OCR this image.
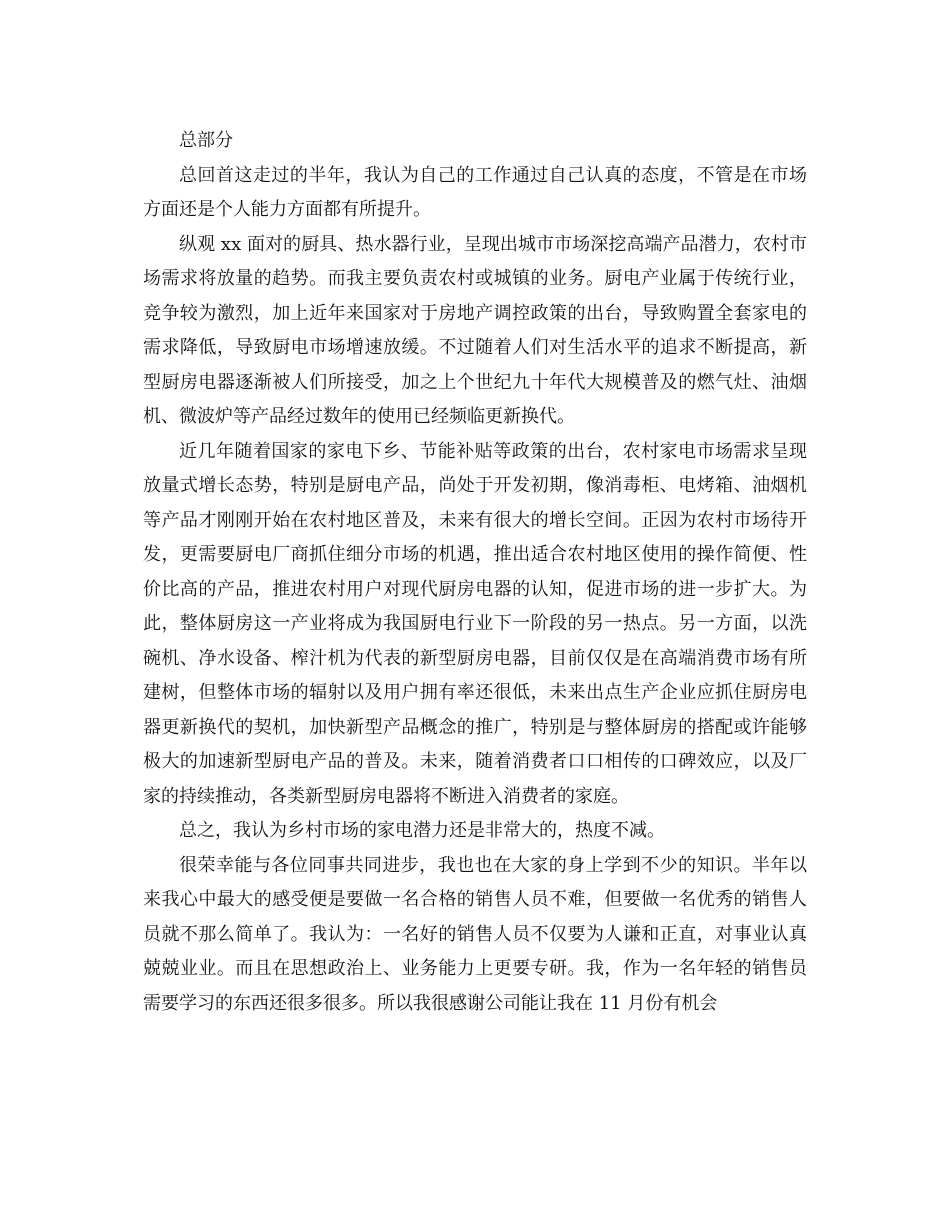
总部分

总回首这走过的半年，我认为自己的工作通过自己认真的态度，不管是在市场方面还是个人能力方面都有所提升。

纵观 xx 面对的厨具、热水器行业，呈现出城市市场深挖高端产品潜力，农村市场需求将放量的趋势。而我主要负责农村或城镇的业务。厨电产业属于传统行业，竞争较为激烈，加上近年来国家对于房地产调控政策的出台，导致购置全套家电的需求降低，导致厨电市场增速放缓。不过随着人们对生活水平的追求不断提高，新型厨房电器逐渐被人们所接受，加之上个世纪九十年代大规模普及的燃气灶、油烟机、微波炉等产品经过数年的使用已经频临更新换代。

近几年随着国家的家电下乡、节能补贴等政策的出台，农村家电市场需求呈现放量式增长态势，特别是厨电产品，尚处于开发初期，像消毒柜、电烤箱、油烟机等产品才刚刚开始在农村地区普及，未来有很大的增长空间。正因为农村市场待开发，更需要厨电厂商抓住细分市场的机遇，推出适合农村地区使用的操作简便、性价比高的产品，推进农村用户对现代厨房电器的认知，促进市场的进一步扩大。为此，整体厨房这一产业将成为我国厨电行业下一阶段的另一热点。另一方面，以洗碗机、净水设备、榨汁机为代表的新型厨房电器，目前仅仅是在高端消费市场有所建树，但整体市场的辐射以及用户拥有率还很低，未来出点生产企业应抓住厨房电器更新换代的契机，加快新型产品概念的推广，特别是与整体厨房的搭配或许能够极大的加速新型厨电产品的普及。未来，随着消费者口口相传的口碑效应，以及厂家的持续推动，各类新型厨房电器将不断进入消费者的家庭。

总之，我认为乡村市场的家电潜力还是非常大的，热度不减。

很荣幸能与各位同事共同进步，我也也在大家的身上学到不少的知识。半年以来我心中最大的感受便是要做一名合格的销售人员不难，但要做一名优秀的销售人员就不那么简单了。我认为：一名好的销售人员不仅要为人谦和正直，对事业认真兢兢业业。而且在思想政治上、业务能力上更要专研。我，作为一名年轻的销售员需要学习的东西还很多很多。所以我很感谢公司能让我在 11 月份有机会
